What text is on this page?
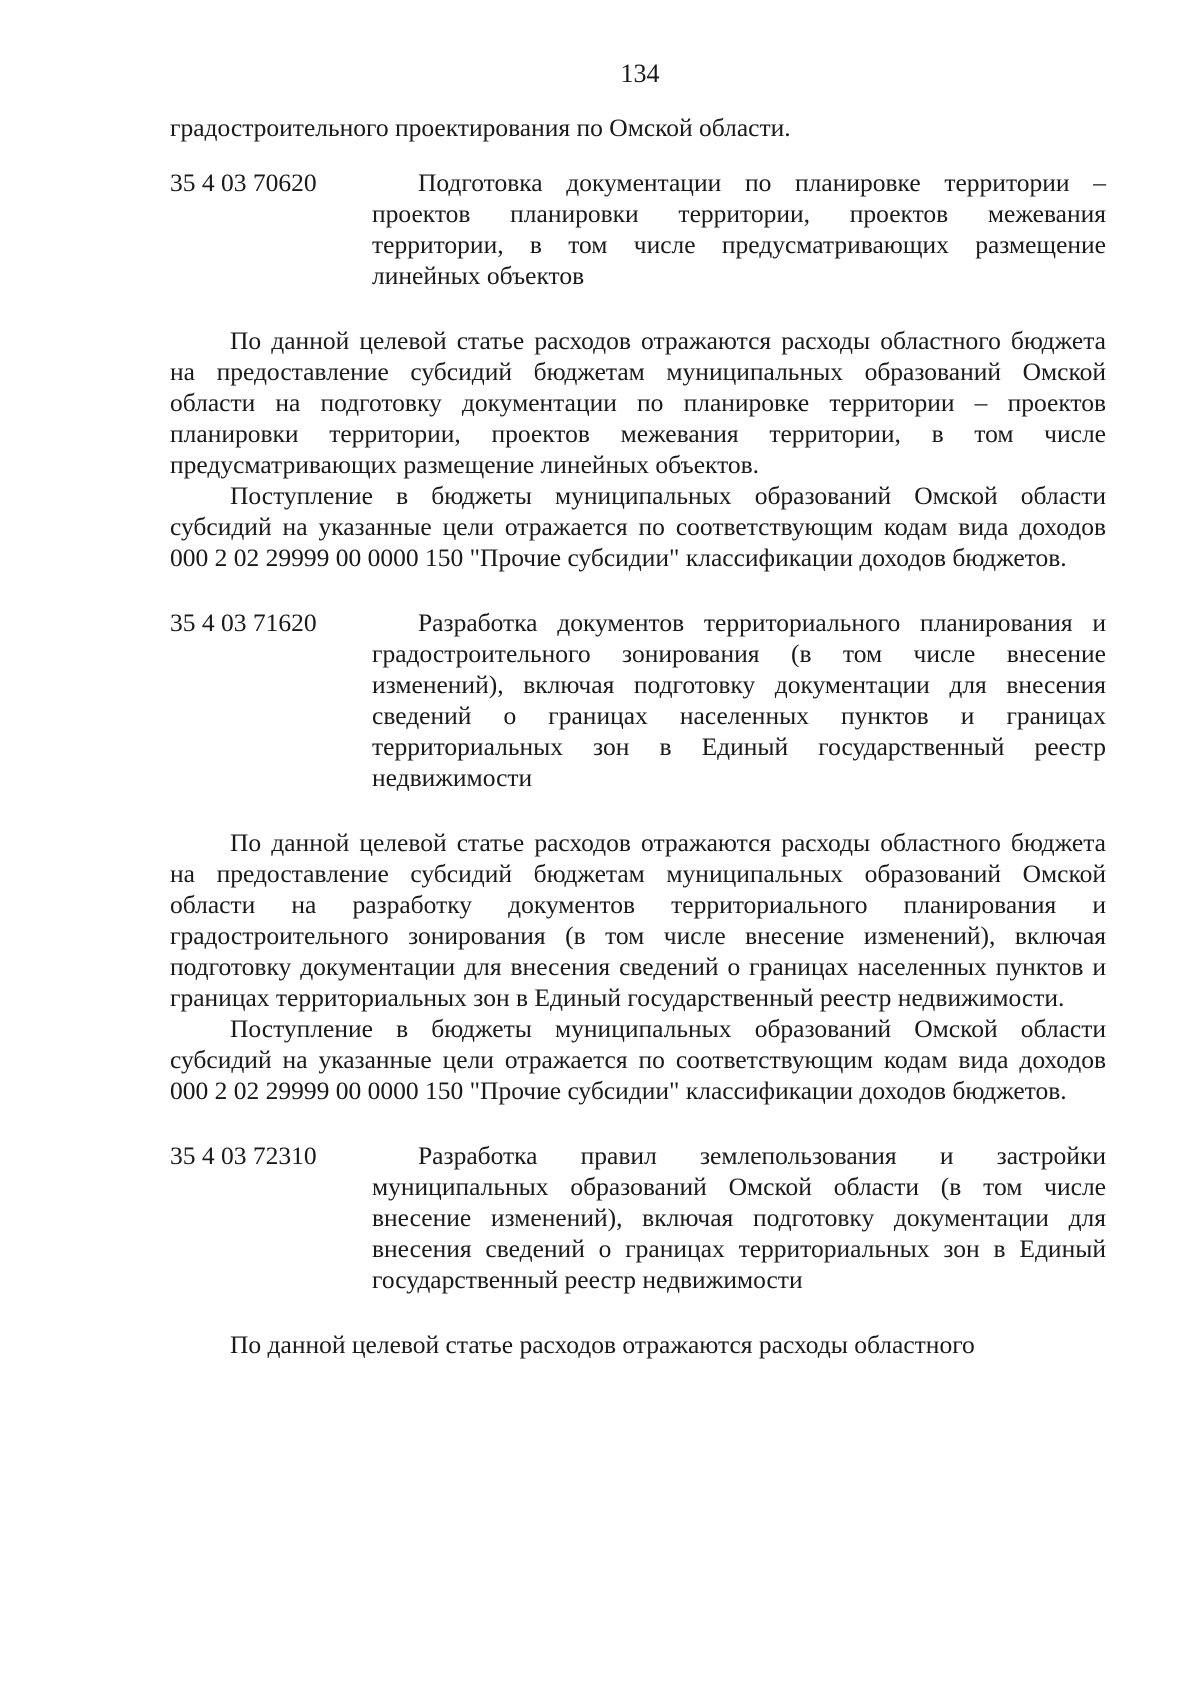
134

градостроительного проектирования по Омской области.

35 4 03 70620	Подготовка документации по планировке территории – проектов планировки территории, проектов межевания территории, в том числе предусматривающих размещение линейных объектов

По данной целевой статье расходов отражаются расходы областного бюджета на предоставление субсидий бюджетам муниципальных образований Омской области на подготовку документации по планировке территории – проектов планировки территории, проектов межевания территории, в том числе предусматривающих размещение линейных объектов.

Поступление в бюджеты муниципальных образований Омской области субсидий на указанные цели отражается по соответствующим кодам вида доходов 000 2 02 29999 00 0000 150 "Прочие субсидии" классификации доходов бюджетов.

35 4 03 71620	Разработка документов территориального планирования и градостроительного зонирования (в том числе внесение изменений), включая подготовку документации для внесения сведений о границах населенных пунктов и границах территориальных зон в Единый государственный реестр недвижимости

По данной целевой статье расходов отражаются расходы областного бюджета на предоставление субсидий бюджетам муниципальных образований Омской области на разработку документов территориального планирования и градостроительного зонирования (в том числе внесение изменений), включая подготовку документации для внесения сведений о границах населенных пунктов и границах территориальных зон в Единый государственный реестр недвижимости.

Поступление в бюджеты муниципальных образований Омской области субсидий на указанные цели отражается по соответствующим кодам вида доходов 000 2 02 29999 00 0000 150 "Прочие субсидии" классификации доходов бюджетов.

35 4 03 72310	Разработка правил землепользования и застройки муниципальных образований Омской области (в том числе внесение изменений), включая подготовку документации для внесения сведений о границах территориальных зон в Единый государственный реестр недвижимости

По данной целевой статье расходов отражаются расходы областного
